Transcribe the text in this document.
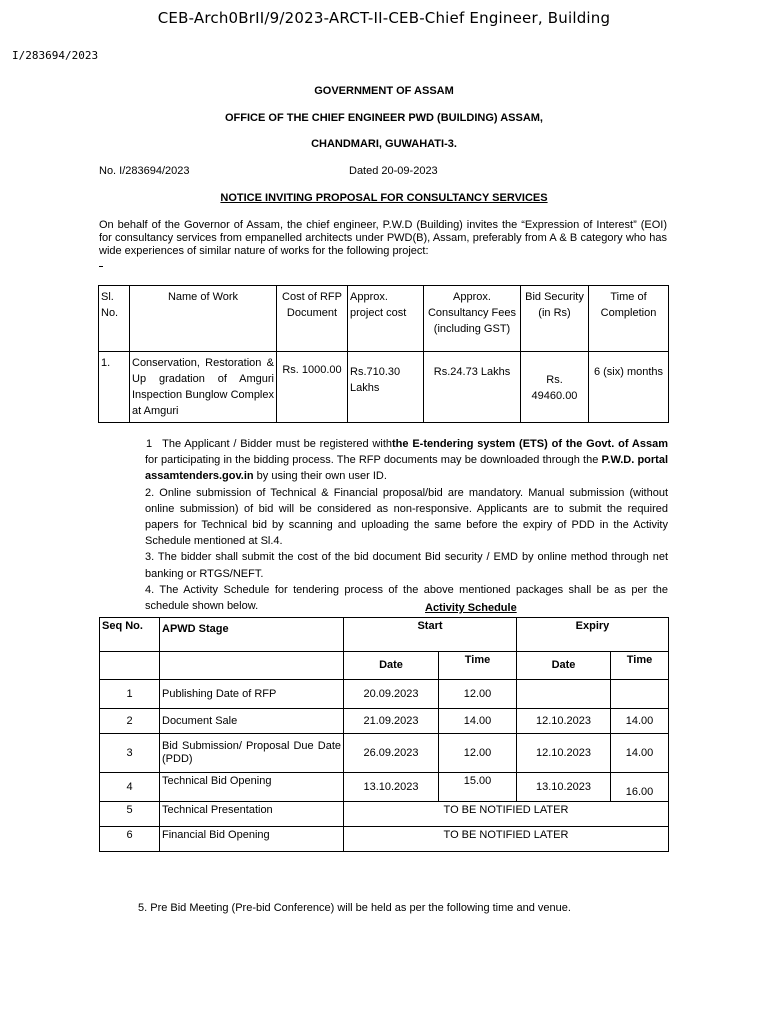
CEB-Arch0BrII/9/2023-ARCT-II-CEB-Chief Engineer, Building
I/283694/2023
GOVERNMENT OF ASSAM
OFFICE OF THE CHIEF ENGINEER PWD (BUILDING) ASSAM,
CHANDMARI, GUWAHATI-3.
No. I/283694/2023	Dated 20-09-2023
NOTICE INVITING PROPOSAL FOR CONSULTANCY SERVICES

On behalf of the Governor of Assam, the chief engineer, P.W.D (Building) invites the “Expression of Interest” (EOI) for consultancy services from empanelled architects under PWD(B), Assam, preferably from A & B category who has wide experiences of similar nature of works for the following project:

Sl. No.	Name of Work	Cost of RFP Document	Approx. project cost	Approx. Consultancy Fees (including GST)	Bid Security (in Rs)	Time of Completion
1.	Conservation, Restoration & Up gradation of Amguri Inspection Bunglow Complex at Amguri	Rs. 1000.00	Rs.710.30 Lakhs	Rs.24.73 Lakhs	Rs. 49460.00	6 (six) months

1 The Applicant / Bidder must be registered withthe E-tendering system (ETS) of the Govt. of Assam for participating in the bidding process. The RFP documents may be downloaded through the P.W.D. portal assamtenders.gov.in by using their own user ID.

2. Online submission of Technical & Financial proposal/bid are mandatory. Manual submission (without online submission) of bid will be considered as non-responsive. Applicants are to submit the required papers for Technical bid by scanning and uploading the same before the expiry of PDD in the Activity Schedule mentioned at Sl.4.

3. The bidder shall submit the cost of the bid document Bid security / EMD by online method through net banking or RTGS/NEFT.

4. The Activity Schedule for tendering process of the above mentioned packages shall be as per the schedule shown below.	Activity Schedule
Seq No.	APWD Stage	Start		Expiry	
		Date	Time	Date	Time
1	Publishing Date of RFP	20.09.2023	12.00		
2	Document Sale	21.09.2023	14.00	12.10.2023	14.00
3	Bid Submission/ Proposal Due Date (PDD)	26.09.2023	12.00	12.10.2023	14.00
4	Technical Bid Opening	13.10.2023	15.00	13.10.2023	16.00
5	Technical Presentation	TO BE NOTIFIED LATER			
6	Financial Bid Opening	TO BE NOTIFIED LATER			
5. Pre Bid Meeting (Pre-bid Conference) will be held as per the following time and venue.
